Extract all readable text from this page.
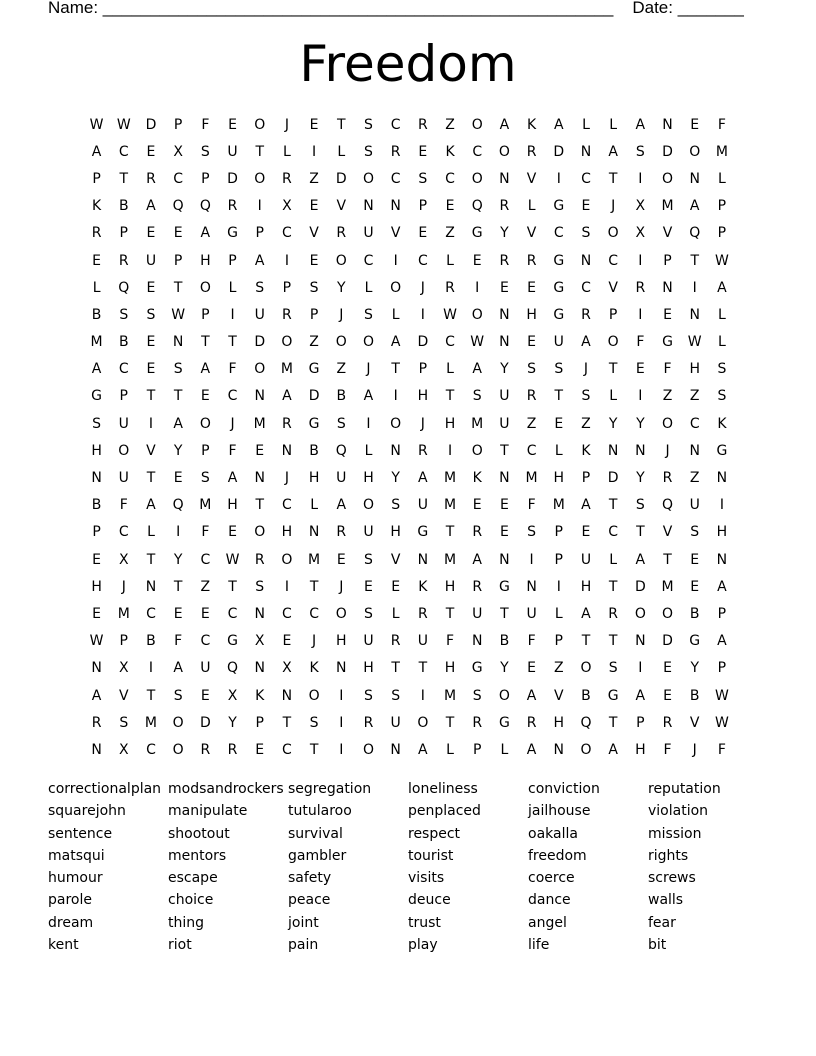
Name: ______________________________________________________ Date: _______
Freedom
W W	D	P	F	E	O	J	E	T	S	C	R	Z	O	A	K	A	L	L	A	N	E	F
A	C	E	X	S	U	T	L	I	L	S	R	E	K	C	O	R	D	N	A	S	D	O	M
P	T	R	C	P	D	O	R	Z	D	O	C	S	C	O	N	V	I	C	T	I	O	N	L
K	B	A	Q	Q	R	I	X	E	V	N	N	P	E	Q	R	L	G	E	J	X	M	A	P
R	P	E	E	A	G	P	C	V	R	U	V	E	Z	G	Y	V	C	S	O	X	V	Q	P
E	R	U	P	H	P	A	I	E	O	C	I	C	L	E	R	R	G	N	C	I	P	T	W
L	Q	E	T	O	L	S	P	S	Y	L	O	J	R	I	E	E	G	C	V	R	N	I	A
B	S	S	W	P	I	U	R	P	J	S	L	I	W	O	N	H	G	R	P	I	E	N	L
M	B	E	N	T	T	D	O	Z	O	O	A	D	C	W	N	E	U	A	O	F	G	W	L
A	C	E	S	A	F	O	M	G	Z	J	T	P	L	A	Y	S	S	J	T	E	F	H	S
G	P	T	T	E	C	N	A	D	B	A	I	H	T	S	U	R	T	S	L	I	Z	Z	S
S	U	I	A	O	J	M	R	G	S	I	O	J	H	M	U	Z	E	Z	Y	Y	O	C	K
H	O	V	Y	P	F	E	N	B	Q	L	N	R	I	O	T	C	L	K	N	N	J	N	G
N	U	T	E	S	A	N	J	H	U	H	Y	A	M	K	N	M	H	P	D	Y	R	Z	N
B	F	A	Q	M	H	T	C	L	A	O	S	U	M	E	E	F	M	A	T	S	Q	U	I
P	C	L	I	F	E	O	H	N	R	U	H	G	T	R	E	S	P	E	C	T	V	S	H
E	X	T	Y	C	W	R	O	M	E	S	V	N	M	A	N	I	P	U	L	A	T	E	N
H	J	N	T	Z	T	S	I	T	J	E	E	K	H	R	G	N	I	H	T	D	M	E	A
E	M	C	E	E	C	N	C	C	O	S	L	R	T	U	T	U	L	A	R	O	O	B	P
W	P	B	F	C	G	X	E	J	H	U	R	U	F	N	B	F	P	T	T	N	D	G	A
N	X	I	A	U	Q	N	X	K	N	H	T	T	H	G	Y	E	Z	O	S	I	E	Y	P
A	V	T	S	E	X	K	N	O	I	S	S	I	M	S	O	A	V	B	G	A	E	B	W
R	S	M	O	D	Y	P	T	S	I	R	U	O	T	R	G	R	H	Q	T	P	R	V	W
N	X	C	O	R	R	E	C	T	I	O	N	A	L	P	L	A	N	O	A	H	F	J	F
correctionalplan modsandrockers segregation	loneliness	conviction	reputation
squarejohn	manipulate	tutularoo	penplaced	jailhouse	violation
sentence	shootout	survival	respect	oakalla	mission
matsqui	mentors	gambler	tourist	freedom	rights
humour	escape	safety	visits	coerce	screws
parole	choice	peace	deuce	dance	walls
dream	thing	joint	trust	angel	fear
kent	riot	pain	play	life	bit
